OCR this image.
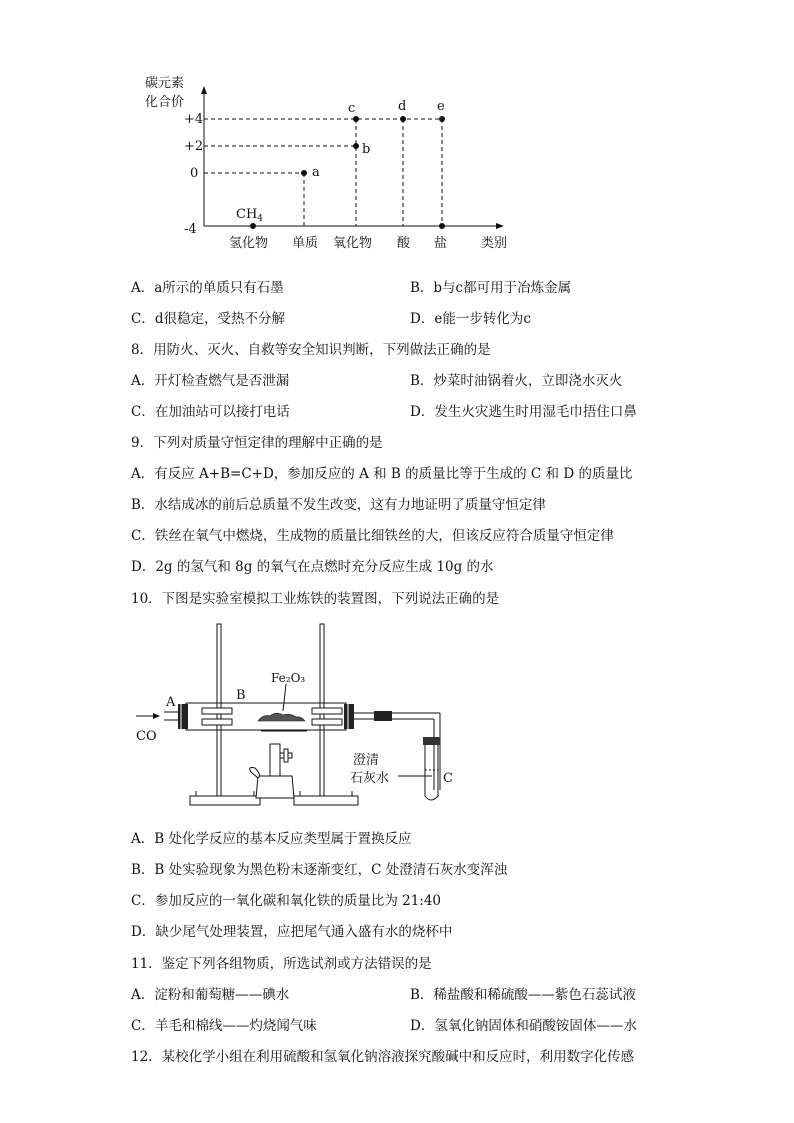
碳元素
化合价
+4
+2
0
-4
$CH_4$
a
b
c	d e
氢化物 单质 氧化物 酸 盐	类别
A．a所示的单质只有石墨	B．b与c都可用于冶炼金属
C．d很稳定，受热不分解	D．e能一步转化为c
8．用防火、灭火、自救等安全知识判断，下列做法正确的是
A．开灯检查燃气是否泄漏	B．炒菜时油锅着火，立即浇水灭火
C．在加油站可以接打电话	D．发生火灾逃生时用湿毛巾捂住口鼻
9．下列对质量守恒定律的理解中正确的是
A．有反应 A+B=C+D，参加反应的 A 和 B 的质量比等于生成的 C 和 D 的质量比
B．水结成冰的前后总质量不发生改变，这有力地证明了质量守恒定律
C．铁丝在氧气中燃烧，生成物的质量比细铁丝的大，但该反应符合质量守恒定律
D．2g 的氢气和 8g 的氧气在点燃时充分反应生成 10g 的水
10．下图是实验室模拟工业炼铁的装置图，下列说法正确的是
A	B
CO
Fe₂O₃
澄清
石灰水	C
A．B 处化学反应的基本反应类型属于置换反应
B．B 处实验现象为黑色粉末逐渐变红，C 处澄清石灰水变浑浊
C．参加反应的一氧化碳和氧化铁的质量比为 21:40
D．缺少尾气处理装置，应把尾气通入盛有水的烧杯中
11．鉴定下列各组物质，所选试剂或方法错误的是
A．淀粉和葡萄糖——碘水	B．稀盐酸和稀硫酸——紫色石蕊试液
C．羊毛和棉线——灼烧闻气味	D．氢氧化钠固体和硝酸铵固体——水
12．某校化学小组在利用硫酸和氢氧化钠溶液探究酸碱中和反应时，利用数字化传感
